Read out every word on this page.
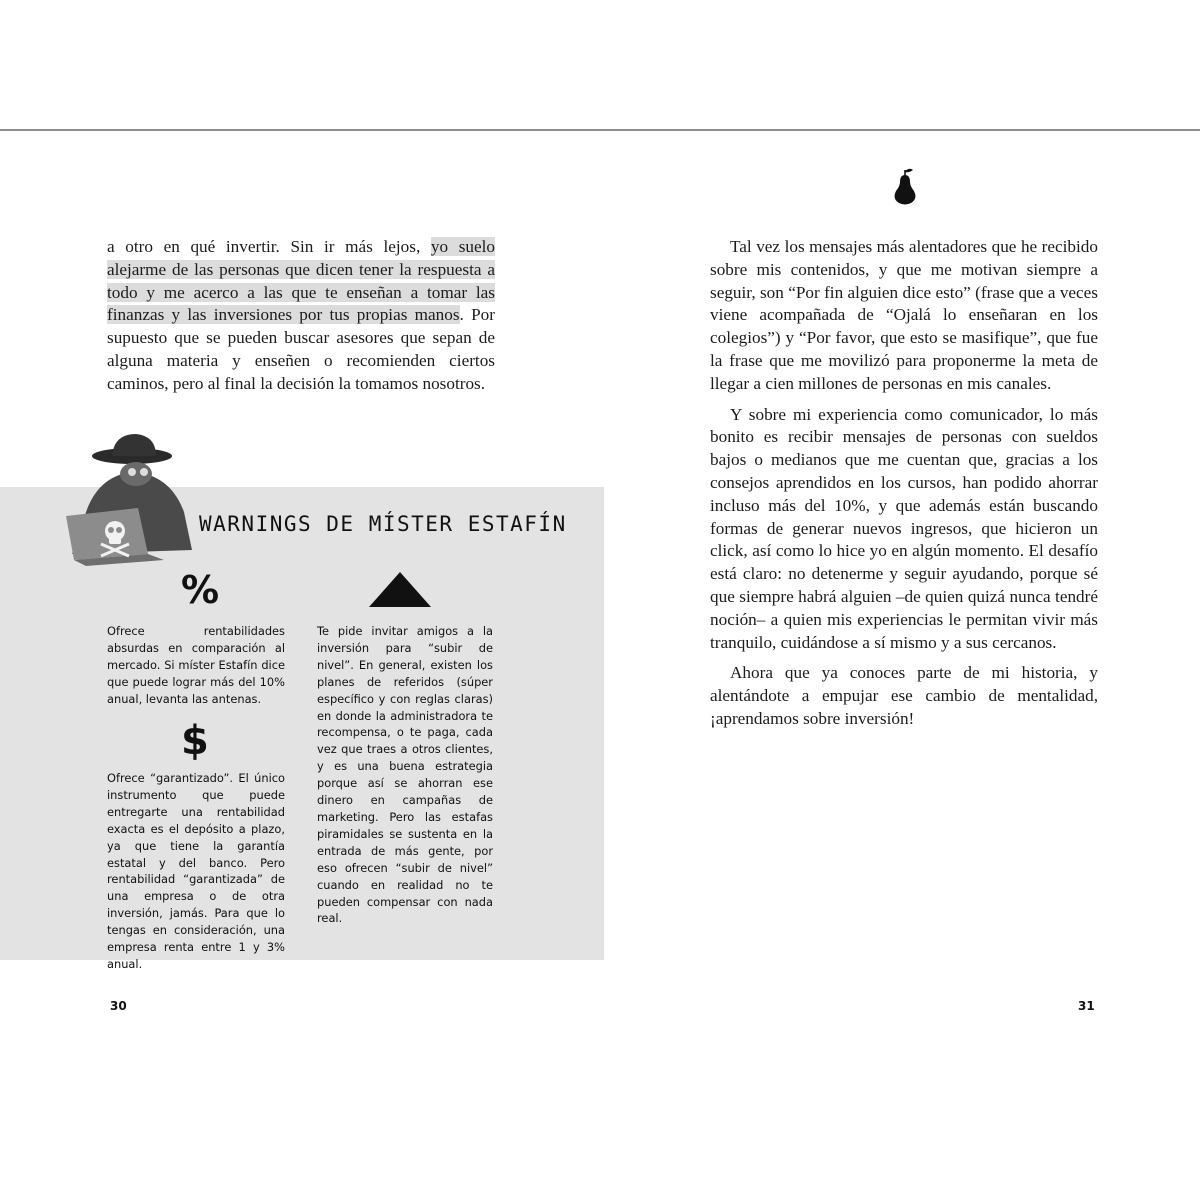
a otro en qué invertir. Sin ir más lejos, yo suelo alejarme de las personas que dicen tener la respuesta a todo y me acerco a las que te enseñan a tomar las finanzas y las inversiones por tus propias manos. Por supuesto que se pueden buscar asesores que sepan de alguna materia y enseñen o recomienden ciertos caminos, pero al final la decisión la tomamos nosotros.
WARNINGS DE MÍSTER ESTAFÍN
%
Ofrece rentabilidades absurdas en comparación al mercado. Si míster Estafín dice que puede lograr más del 10% anual, levanta las antenas.
$
Ofrece “garantizado”. El único instrumento que puede entregarte una rentabilidad exacta es el depósito a plazo, ya que tiene la garantía estatal y del banco. Pero rentabilidad “garantizada” de una empresa o de otra inversión, jamás. Para que lo tengas en consideración, una empresa renta entre 1 y 3% anual.
Te pide invitar amigos a la inversión para “subir de nivel”. En general, existen los planes de referidos (súper específico y con reglas claras) en donde la administradora te recompensa, o te paga, cada vez que traes a otros clientes, y es una buena estrategia porque así se ahorran ese dinero en campañas de marketing. Pero las estafas piramidales se sustenta en la entrada de más gente, por eso ofrecen “subir de nivel” cuando en realidad no te pueden compensar con nada real.
30

Tal vez los mensajes más alentadores que he recibido sobre mis contenidos, y que me motivan siempre a seguir, son “Por fin alguien dice esto” (frase que a veces viene acompañada de “Ojalá lo enseñaran en los colegios”) y “Por favor, que esto se masifique”, que fue la frase que me movilizó para proponerme la meta de llegar a cien millones de personas en mis canales.

Y sobre mi experiencia como comunicador, lo más bonito es recibir mensajes de personas con sueldos bajos o medianos que me cuentan que, gracias a los consejos aprendidos en los cursos, han podido ahorrar incluso más del 10%, y que además están buscando formas de generar nuevos ingresos, que hicieron un click, así como lo hice yo en algún momento. El desafío está claro: no detenerme y seguir ayudando, porque sé que siempre habrá alguien –de quien quizá nunca tendré noción– a quien mis experiencias le permitan vivir más tranquilo, cuidándose a sí mismo y a sus cercanos.

Ahora que ya conoces parte de mi historia, y alentándote a empujar ese cambio de mentalidad, ¡aprendamos sobre inversión!

31
